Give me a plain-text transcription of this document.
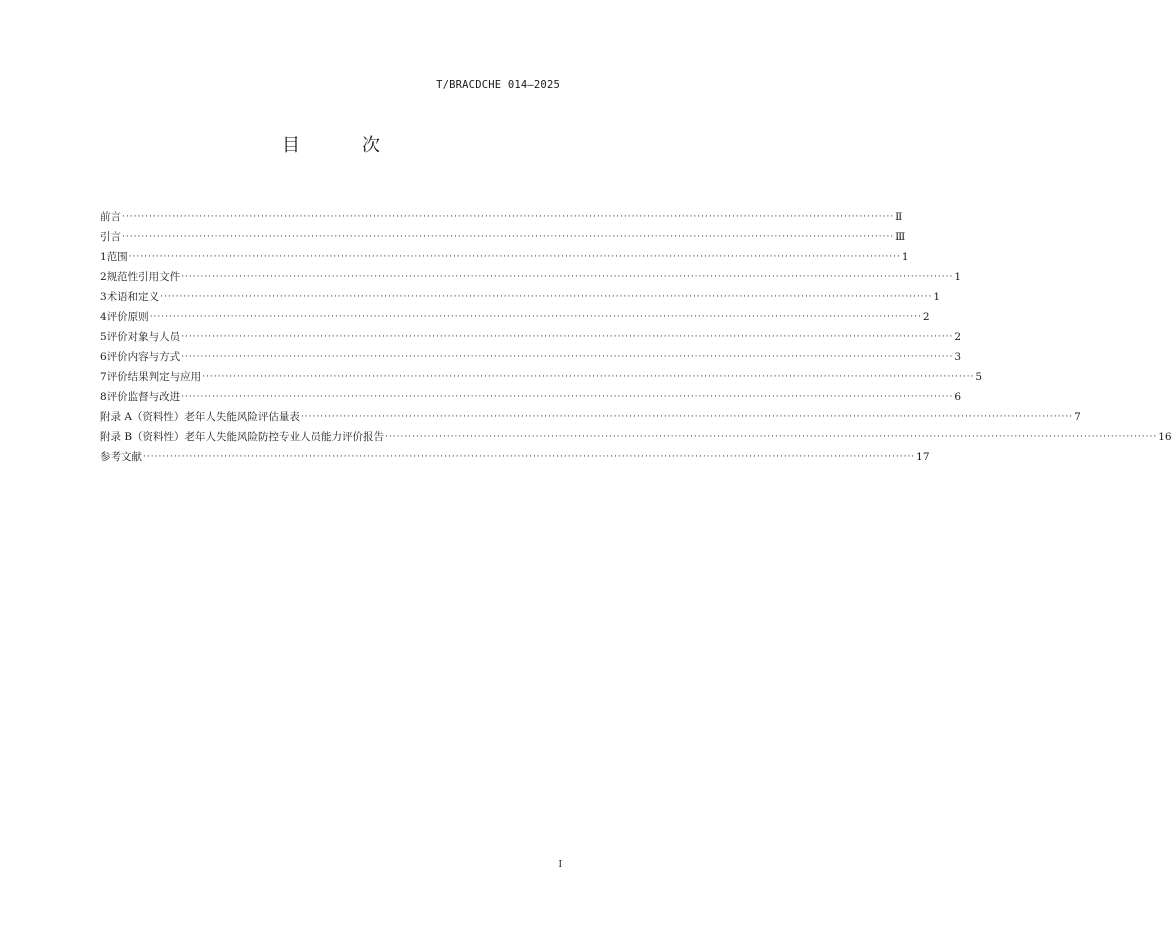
T/BRACDCHE 014—2025
目　次
前言 ········································································································································································································ Ⅱ
引言 ········································································································································································································ Ⅲ
1 范围 ········································································································································································································ 1
2 规范性引用文件 ········································································································································································································ 1
3 术语和定义 ········································································································································································································ 1
4 评价原则 ········································································································································································································ 2
5 评价对象与人员 ········································································································································································································ 2
6 评价内容与方式 ········································································································································································································ 3
7 评价结果判定与应用 ········································································································································································································ 5
8 评价监督与改进 ········································································································································································································ 6
附录 A（资料性）老年人失能风险评估量表 ········································································································································································································ 7
附录 B（资料性）老年人失能风险防控专业人员能力评价报告 ········································································································································································································ 16
参考文献 ········································································································································································································ 17
I
